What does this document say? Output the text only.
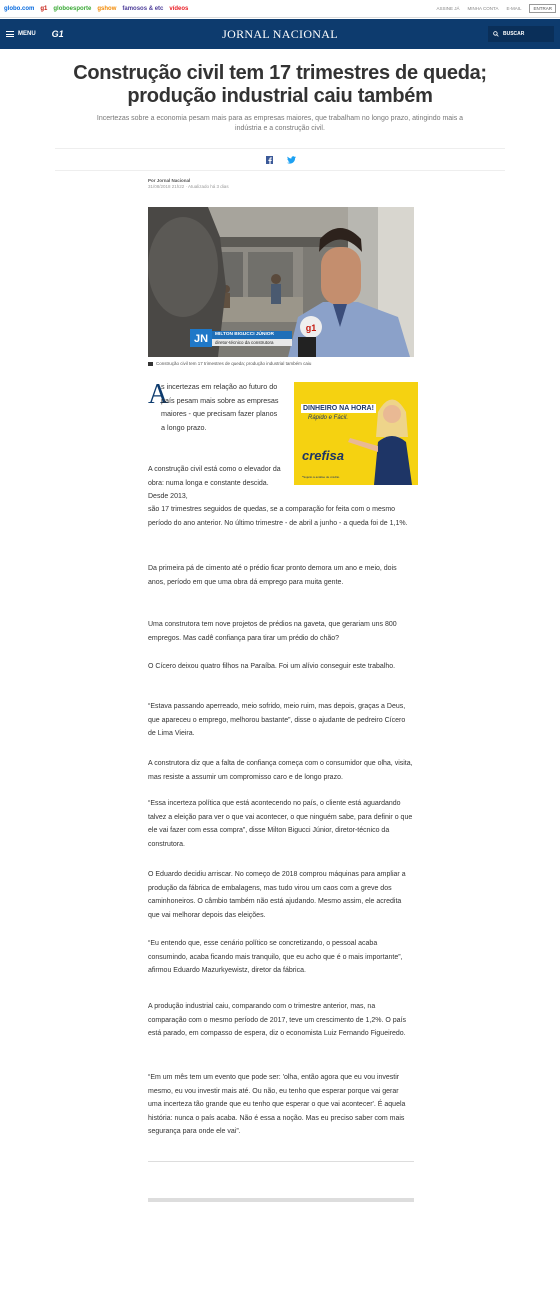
globo.com g1 globoesporte gshow famosos & etc vídeos	ASSINE JÁ MINHA CONTA E-MAIL	ENTRAR
MENU G1	JORNAL NACIONAL	BUSCAR
Construção civil tem 17 trimestres de queda; produção industrial caiu também
Incertezas sobre a economia pesam mais para as empresas maiores, que trabalham no longo prazo, atingindo mais a indústria e a construção civil.
Por Jornal Nacional
31/08/2018 21h22 · Atualizado há 3 dias
g1
JN MILTON BIGUCCI JÚNIOR
diretor-técnico da construtora
Construção civil tem 17 trimestres de queda; produção industrial também caiu
DINHEIRO NA HORA!
Rápido e Fácil.
crefisa
*Sujeito à análise de crédito.
A

s incertezas em relação ao futuro do país pesam mais sobre as empresas maiores - que precisam fazer planos a longo prazo.

A construção civil está como o elevador da obra: numa longa e constante descida. Desde 2013,

são 17 trimestres seguidos de quedas, se a comparação for feita com o mesmo período do ano anterior. No último trimestre - de abril a junho - a queda foi de 1,1%.

Da primeira pá de cimento até o prédio ficar pronto demora um ano e meio, dois anos, período em que uma obra dá emprego para muita gente.

Uma construtora tem nove projetos de prédios na gaveta, que gerariam uns 800 empregos. Mas cadê confiança para tirar um prédio do chão?

O Cícero deixou quatro filhos na Paraíba. Foi um alívio conseguir este trabalho.

“Estava passando aperreado, meio sofrido, meio ruim, mas depois, graças a Deus, que apareceu o emprego, melhorou bastante”, disse o ajudante de pedreiro Cícero de Lima Vieira.

A construtora diz que a falta de confiança começa com o consumidor que olha, visita, mas resiste a assumir um compromisso caro e de longo prazo.

“Essa incerteza política que está acontecendo no país, o cliente está aguardando talvez a eleição para ver o que vai acontecer, o que ninguém sabe, para definir o que ele vai fazer com essa compra”, disse Milton Bigucci Júnior, diretor-técnico da construtora.

O Eduardo decidiu arriscar. No começo de 2018 comprou máquinas para ampliar a produção da fábrica de embalagens, mas tudo virou um caos com a greve dos caminhoneiros. O câmbio também não está ajudando. Mesmo assim, ele acredita que vai melhorar depois das eleições.

“Eu entendo que, esse cenário político se concretizando, o pessoal acaba consumindo, acaba ficando mais tranquilo, que eu acho que é o mais importante”, afirmou Eduardo Mazurkyewistz, diretor da fábrica.

A produção industrial caiu, comparando com o trimestre anterior, mas, na comparação com o mesmo período de 2017, teve um crescimento de 1,2%. O país está parado, em compasso de espera, diz o economista Luiz Fernando Figueiredo.

“Em um mês tem um evento que pode ser: 'olha, então agora que eu vou investir mesmo, eu vou investir mais até. Ou não, eu tenho que esperar porque vai gerar uma incerteza tão grande que eu tenho que esperar o que vai acontecer'. É aquela história: nunca o país acaba. Não é essa a noção. Mas eu preciso saber com mais segurança para onde ele vai”.
